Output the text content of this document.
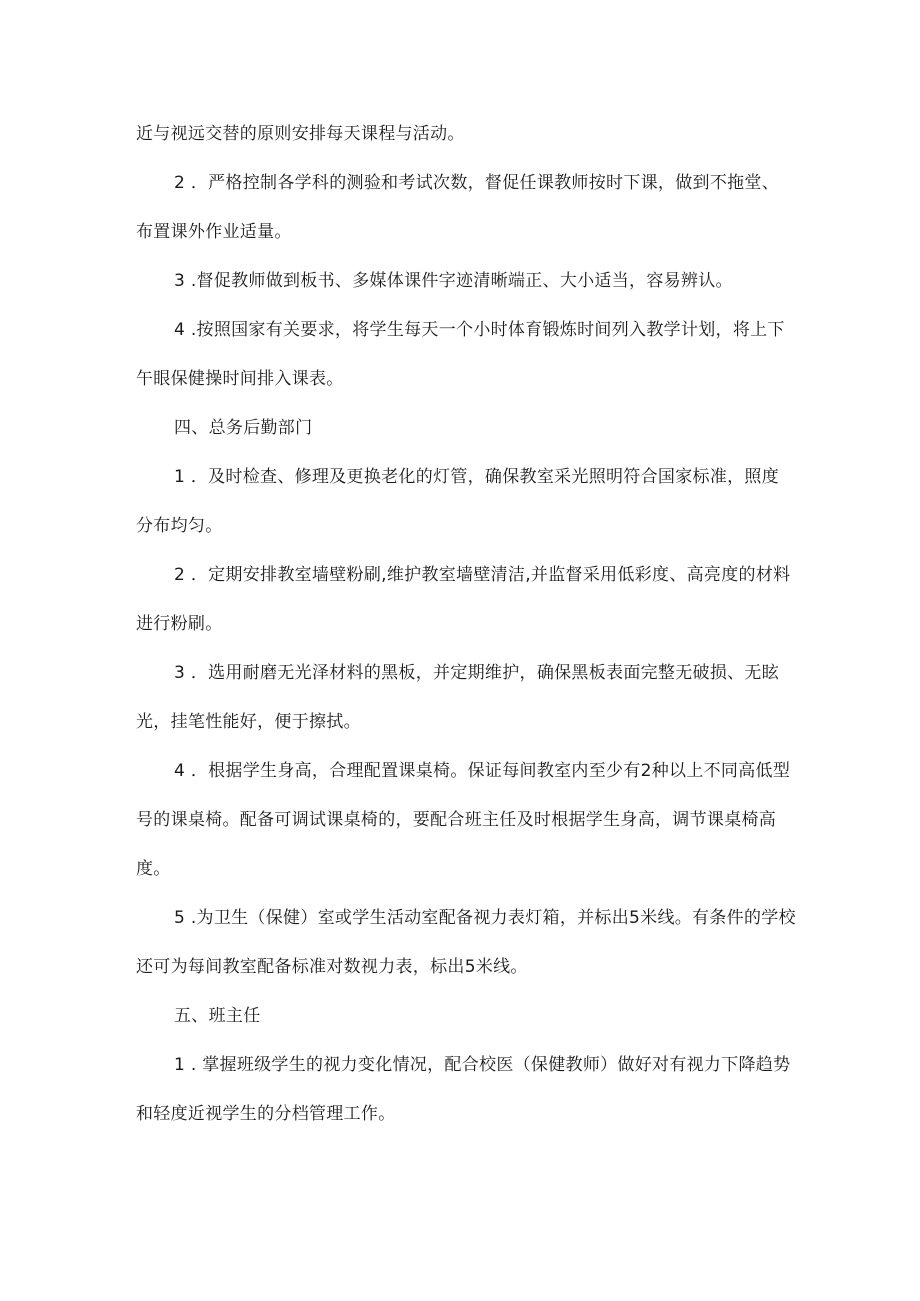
近与视远交替的原则安排每天课程与活动。

2 ．严格控制各学科的测验和考试次数，督促任课教师按时下课，做到不拖堂、布置课外作业适量。

3 .督促教师做到板书、多媒体课件字迹清晰端正、大小适当，容易辨认。

4 .按照国家有关要求，将学生每天一个小时体育锻炼时间列入教学计划，将上下午眼保健操时间排入课表。

四、总务后勤部门

1 ．及时检查、修理及更换老化的灯管，确保教室采光照明符合国家标准，照度分布均匀。

2 ．定期安排教室墙壁粉刷,维护教室墙壁清洁,并监督采用低彩度、高亮度的材料进行粉刷。

3 ．选用耐磨无光泽材料的黑板，并定期维护，确保黑板表面完整无破损、无眩光，挂笔性能好，便于擦拭。

4 ．根据学生身高，合理配置课桌椅。保证每间教室内至少有2种以上不同高低型号的课桌椅。配备可调试课桌椅的，要配合班主任及时根据学生身高，调节课桌椅高度。

5 .为卫生（保健）室或学生活动室配备视力表灯箱，并标出5米线。有条件的学校还可为每间教室配备标准对数视力表，标出5米线。

五、班主任

1 . 掌握班级学生的视力变化情况，配合校医（保健教师）做好对有视力下降趋势和轻度近视学生的分档管理工作。
